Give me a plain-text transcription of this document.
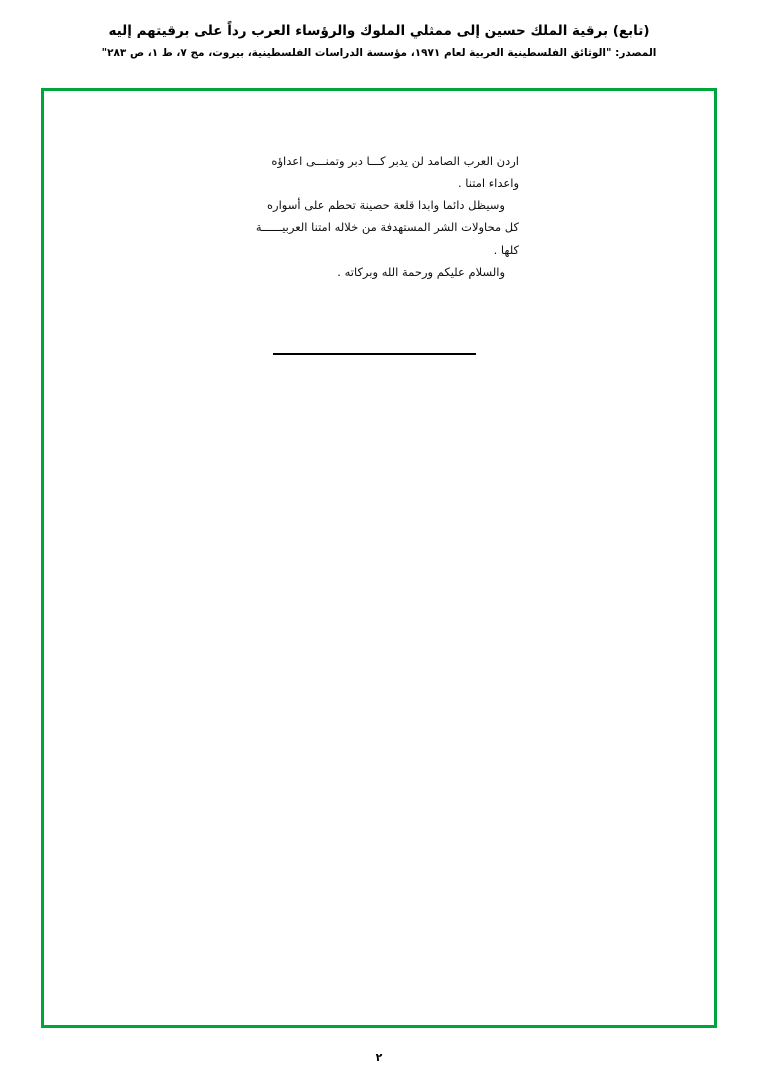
(تابع) برقية الملك حسين إلى ممثلي الملوك والرؤساء العرب رداً على برقيتهم إليه
المصدر: "الوثائق الفلسطينية العربية لعام ١٩٧١، مؤسسة الدراسات الفلسطينية، بيروت، مج ٧، ط ١، ص ٢٨٣"

اردن العرب الصامد لن يدبر كـــا دبر وتمنـــى اعداؤه

واعداء امتنا .

وسيظل دائما وابدا قلعة حصينة تحطم على أسواره

كل محاولات الشر المستهدفة من خلاله امتنا العربيــــــة

كلها .

والسلام عليكم ورحمة الله وبركاته .

٢
